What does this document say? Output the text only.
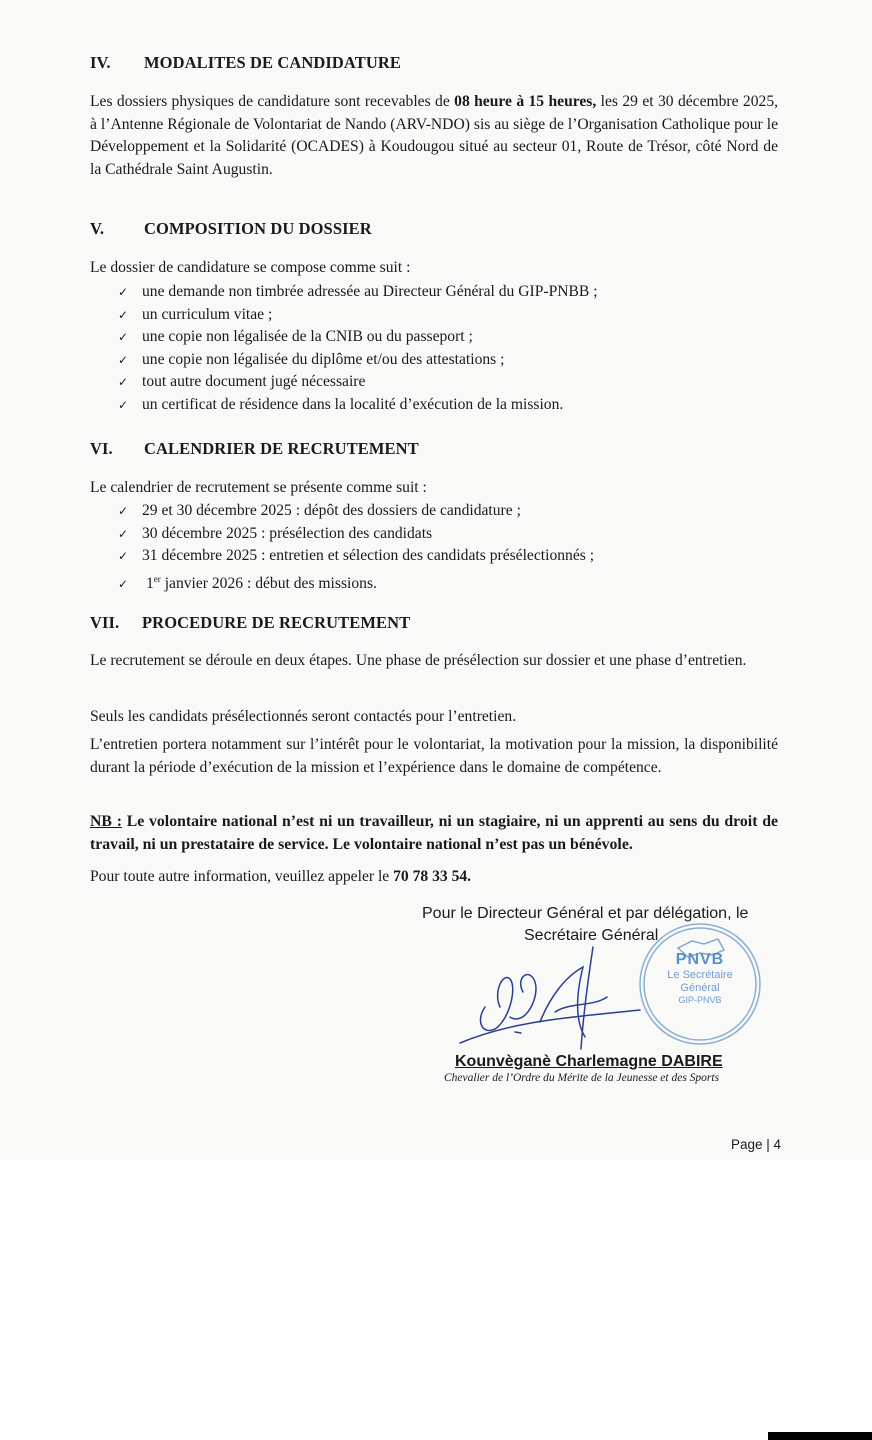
IV. MODALITES DE CANDIDATURE
Les dossiers physiques de candidature sont recevables de 08 heure à 15 heures, les 29 et 30 décembre 2025, à l’Antenne Régionale de Volontariat de Nando (ARV-NDO) sis au siège de l’Organisation Catholique pour le Développement et la Solidarité (OCADES) à Koudougou situé au secteur 01, Route de Trésor, côté Nord de la Cathédrale Saint Augustin.
V. COMPOSITION DU DOSSIER
Le dossier de candidature se compose comme suit :
✓ une demande non timbrée adressée au Directeur Général du GIP-PNBB ;
✓ un curriculum vitae ;
✓ une copie non légalisée de la CNIB ou du passeport ;
✓ une copie non légalisée du diplôme et/ou des attestations ;
✓ tout autre document jugé nécessaire
✓ un certificat de résidence dans la localité d’exécution de la mission.
VI. CALENDRIER DE RECRUTEMENT
Le calendrier de recrutement se présente comme suit :
✓ 29 et 30 décembre 2025 : dépôt des dossiers de candidature ;
✓ 30 décembre 2025 : présélection des candidats
✓ 31 décembre 2025 : entretien et sélection des candidats présélectionnés ;
✓ 1er janvier 2026 : début des missions.
VII. PROCEDURE DE RECRUTEMENT
Le recrutement se déroule en deux étapes. Une phase de présélection sur dossier et une phase d’entretien.
Seuls les candidats présélectionnés seront contactés pour l’entretien.
L’entretien portera notamment sur l’intérêt pour le volontariat, la motivation pour la mission, la disponibilité durant la période d’exécution de la mission et l’expérience dans le domaine de compétence.
NB : Le volontaire national n’est ni un travailleur, ni un stagiaire, ni un apprenti au sens du droit de travail, ni un prestataire de service. Le volontaire national n’est pas un bénévole.
Pour toute autre information, veuillez appeler le 70 78 33 54.
PNVB
Le Secrétaire
Général
GIP-PNVB
Pour le Directeur Général et par délégation, le
Secrétaire Général
Kounvèganè Charlemagne DABIRE
Chevalier de l’Ordre du Mérite de la Jeunesse et des Sports
Page | 4
